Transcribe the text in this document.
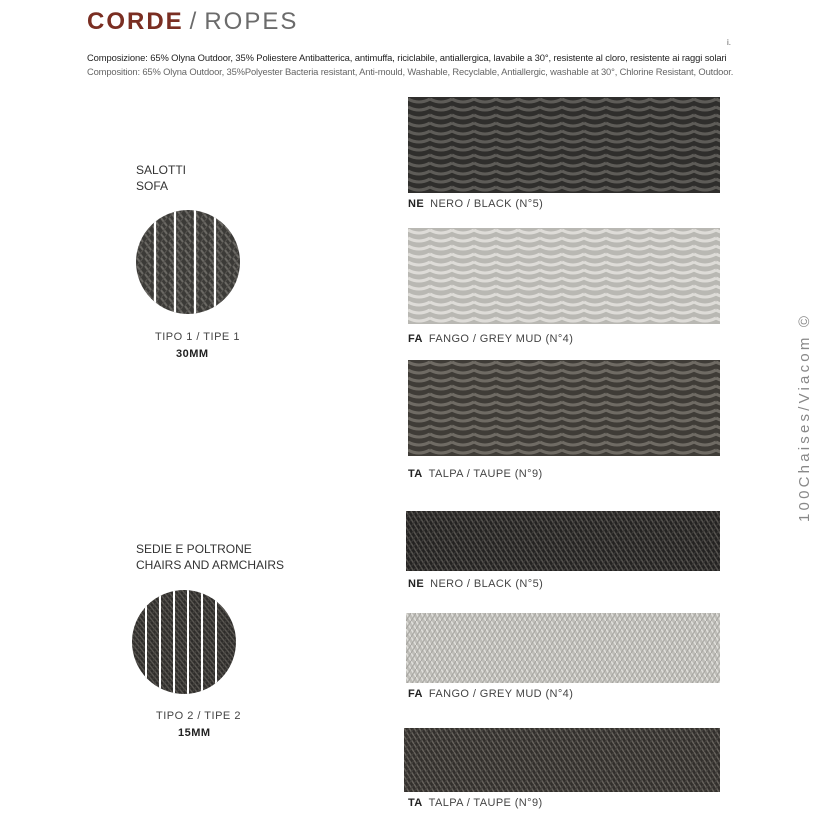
CORDE / ROPES
i.
Composizione: 65% Olyna Outdoor, 35% Poliestere Antibatterica, antimuffa, riciclabile, antiallergica, lavabile a 30°, resistente al cloro, resistente ai raggi solari
Composition: 65% Olyna Outdoor, 35%Polyester Bacteria resistant, Anti-mould, Washable, Recyclable, Antiallergic, washable at 30°, Chlorine Resistant, Outdoor.
SALOTTI
SOFA
TIPO 1 / TIPE 1
30MM
SEDIE E POLTRONE
CHAIRS AND ARMCHAIRS
TIPO 2 / TIPE 2
15MM
NE NERO / BLACK (N°5)
FA FANGO / GREY MUD (N°4)
TA TALPA / TAUPE (N°9)
NE NERO / BLACK (N°5)
FA FANGO / GREY MUD (N°4)
TA TALPA / TAUPE (N°9)
100Chaises/Viacom ©
